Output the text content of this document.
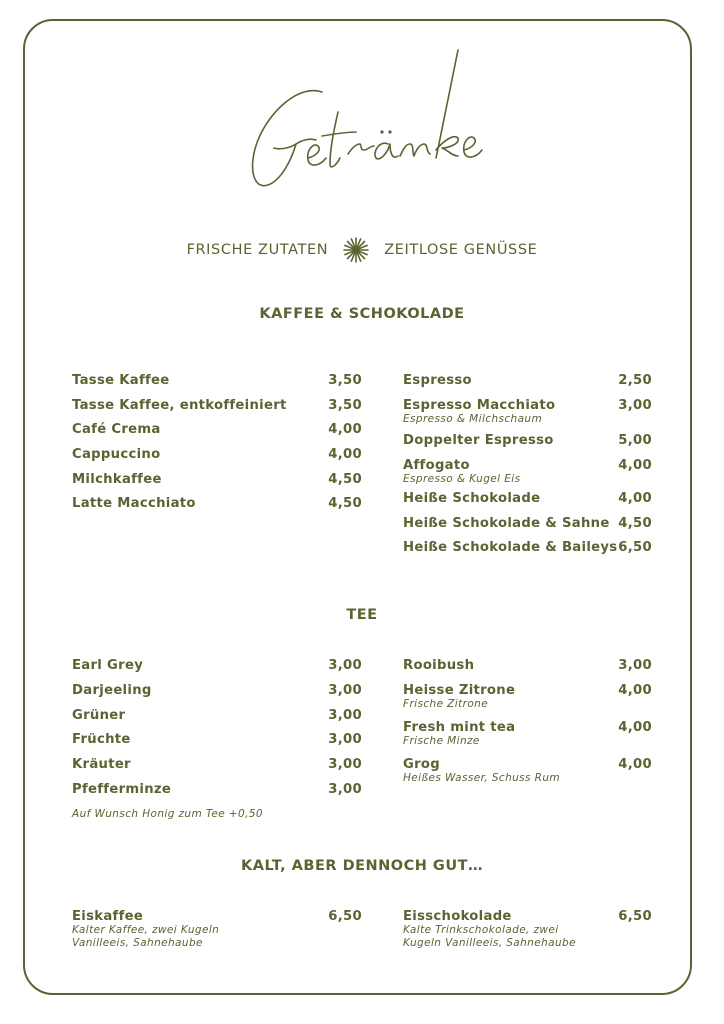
FRISCHE ZUTATEN	ZEITLOSE GENÜSSE
KAFFEE & SCHOKOLADE
Tasse Kaffee	3,50
Tasse Kaffee, entkoffeiniert	3,50
Café Crema	4,00
Cappuccino	4,00
Milchkaffee	4,50
Latte Macchiato	4,50
Espresso	2,50
Espresso Macchiato	3,00
Espresso & Milchschaum
Doppelter Espresso	5,00
Affogato	4,00
Espresso & Kugel Eis
Heiße Schokolade	4,00
Heiße Schokolade & Sahne 4,50
Heiße Schokolade & Baileys 6,50
TEE
Earl Grey	3,00
Darjeeling	3,00
Grüner	3,00
Früchte	3,00
Kräuter	3,00
Pfefferminze	3,00
Auf Wunsch Honig zum Tee +0,50
Rooibush	3,00
Heisse Zitrone	4,00
Frische Zitrone
Fresh mint tea	4,00
Frische Minze
Grog	4,00
Heißes Wasser, Schuss Rum
KALT, ABER DENNOCH GUT…
Eiskaffee	6,50
Kalter Kaffee, zwei Kugeln
Vanilleeis, Sahnehaube
Eisschokolade	6,50
Kalte Trinkschokolade, zwei
Kugeln Vanilleeis, Sahnehaube
